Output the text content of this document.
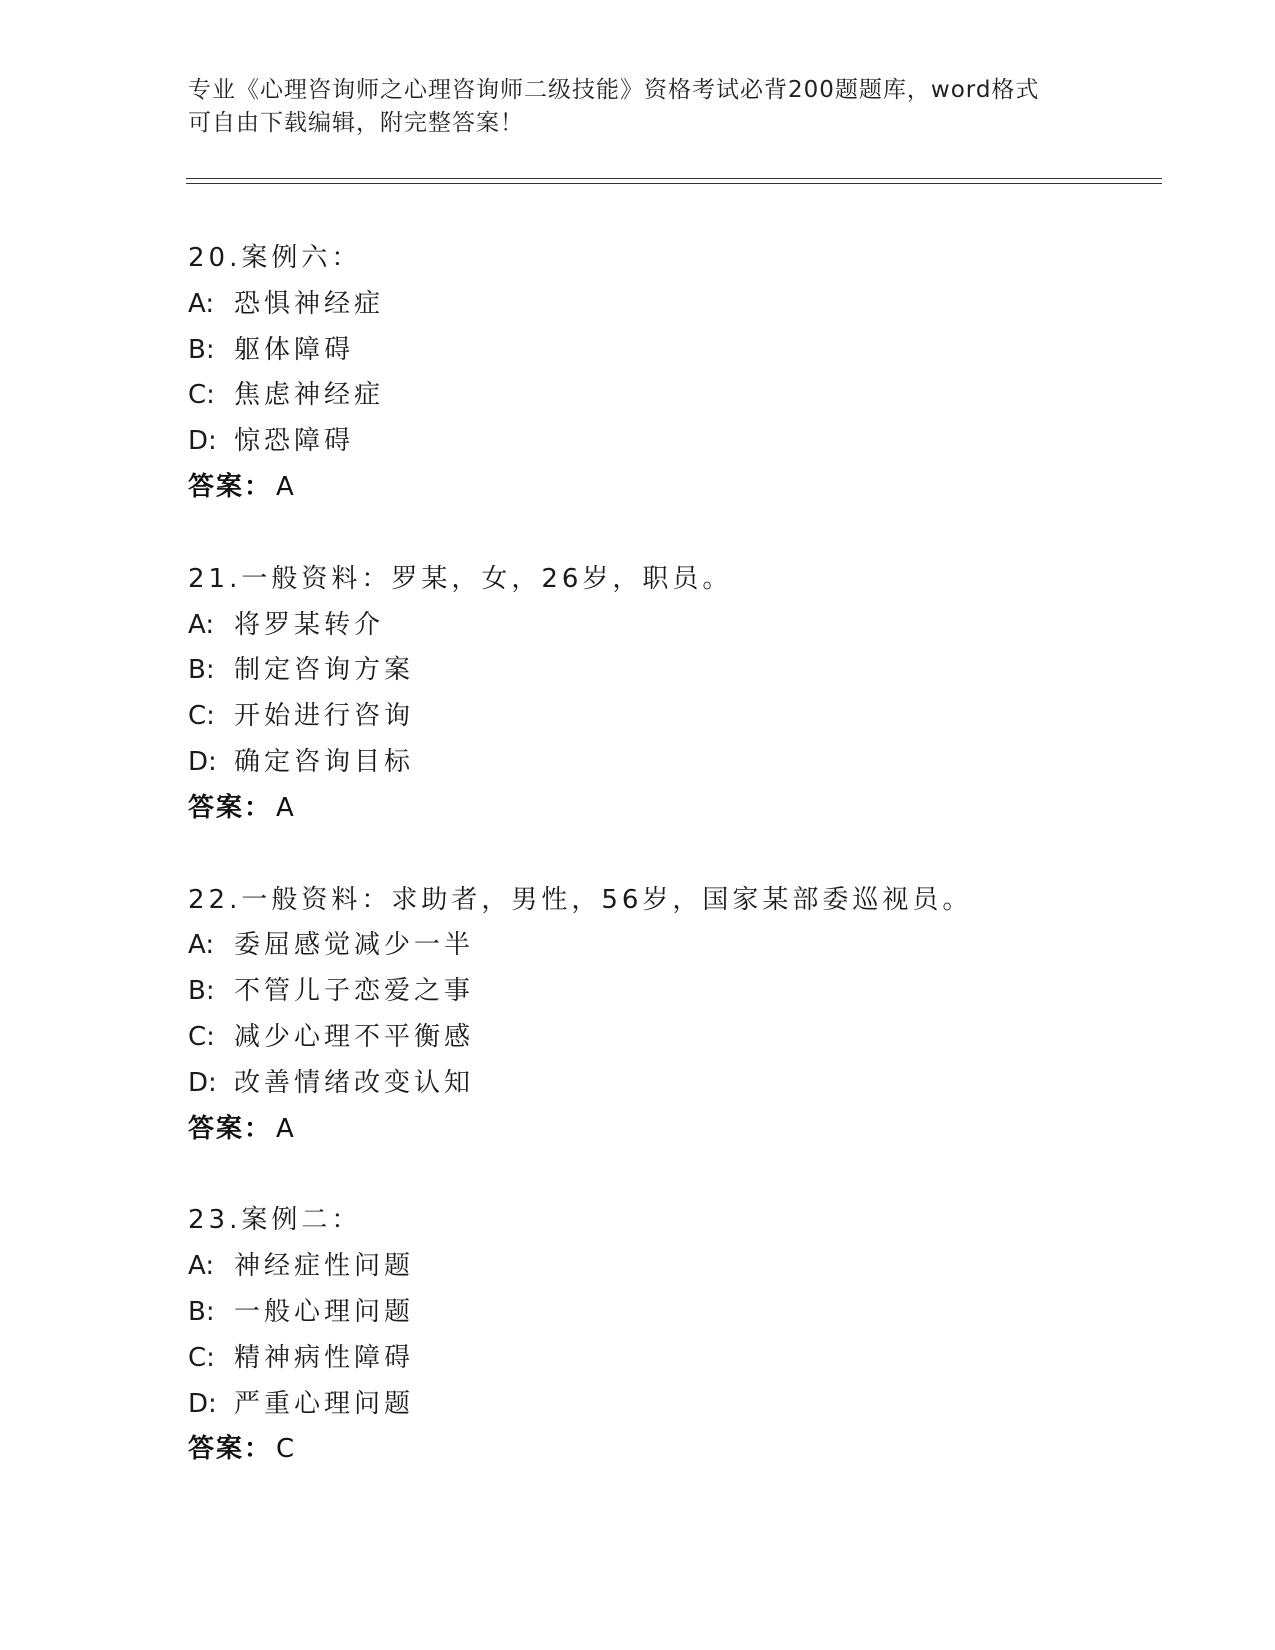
专业《心理咨询师之心理咨询师二级技能》资格考试必背200题题库，word格式
可自由下载编辑，附完整答案！
20.案例六：
A: 恐惧神经症
B: 躯体障碍
C: 焦虑神经症
D: 惊恐障碍
答案： A
21.一般资料：罗某，女，26岁，职员。
A: 将罗某转介
B: 制定咨询方案
C: 开始进行咨询
D: 确定咨询目标
答案： A
22.一般资料：求助者，男性，56岁，国家某部委巡视员。
A: 委屈感觉减少一半
B: 不管儿子恋爱之事
C: 减少心理不平衡感
D: 改善情绪改变认知
答案： A
23.案例二：
A: 神经症性问题
B: 一般心理问题
C: 精神病性障碍
D: 严重心理问题
答案： C
